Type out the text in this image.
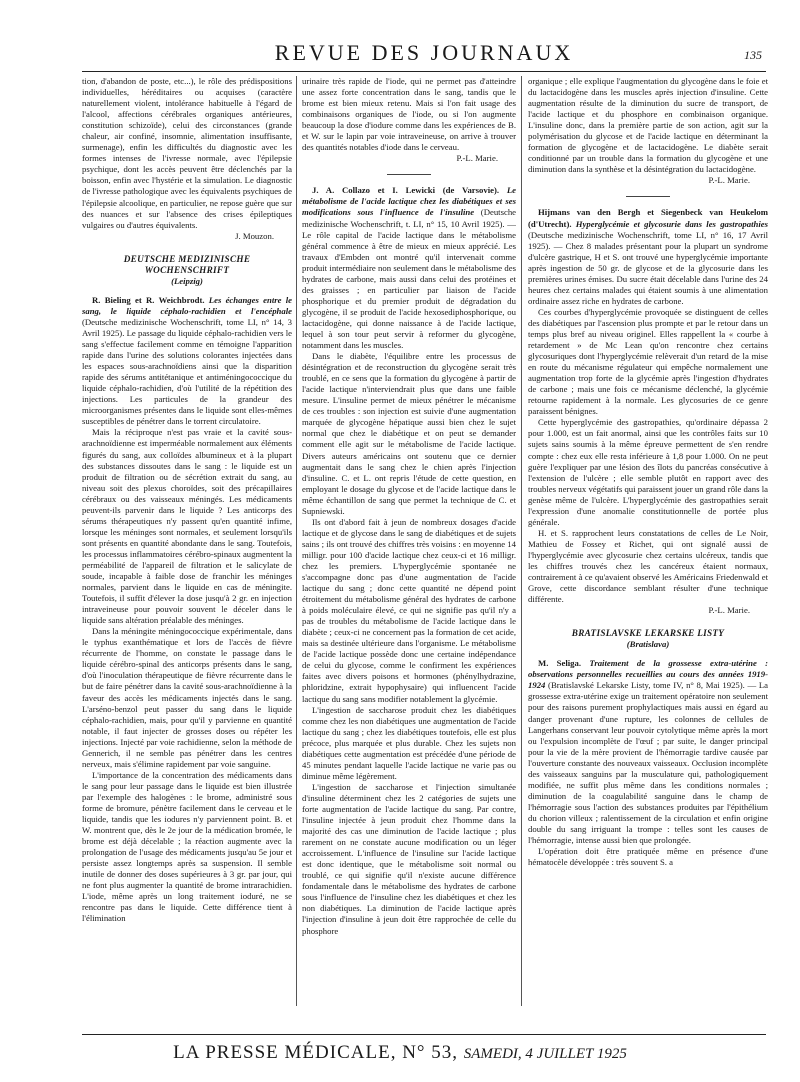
REVUE DES JOURNAUX	135

tion, d'abandon de poste, etc...), le rôle des prédispositions individuelles, héréditaires ou acquises (caractère naturellement violent, intolérance habituelle à l'égard de l'alcool, affections cérébrales organiques antérieures, constitution schizoïde), celui des circonstances (grande chaleur, air confiné, insomnie, alimentation insuffisante, surmenage), enfin les difficultés du diagnostic avec les formes intenses de l'ivresse normale, avec l'épilepsie psychique, dont les accès peuvent être déclenchés par la boisson, enfin avec l'hystérie et la simulation. Le diagnostic de l'ivresse pathologique avec les équivalents psychiques de l'épilepsie alcoolique, en particulier, ne repose guère que sur des nuances et sur l'absence des crises épileptiques vulgaires ou d'autres équivalents.

J. Mouzon.

DEUTSCHE MEDIZINISCHE WOCHENSCHRIFT
(Leipzig)

R. Bieling et R. Weichbrodt. Les échanges entre le sang, le liquide céphalo-rachidien et l'encéphale (Deutsche medizinische Wochenschrift, tome LI, n° 14, 3 Avril 1925). Le passage du liquide céphalo-rachidien vers le sang s'effectue facilement comme en témoigne l'apparition rapide dans l'urine des solutions colorantes injectées dans les espaces sous-arachnoïdiens ainsi que la disparition rapide des sérums antitétanique et antiméningococcique du liquide céphalo-rachidien, d'où l'utilité de la répétition des injections. Les particules de la grandeur des microorganismes présentes dans le liquide sont elles-mêmes susceptibles de pénétrer dans le torrent circulatoire.

Mais la réciproque n'est pas vraie et la cavité sous-arachnoïdienne est imperméable normalement aux éléments figurés du sang, aux colloïdes albumineux et à la plupart des substances dissoutes dans le sang : le liquide est un produit de filtration ou de sécrétion extrait du sang, au niveau soit des plexus choroïdes, soit des précapillaires cérébraux ou des vaisseaux méningés. Les médicaments peuvent-ils parvenir dans le liquide ? Les anticorps des sérums thérapeutiques n'y passent qu'en quantité infime, lorsque les méninges sont normales, et seulement lorsqu'ils sont présents en quantité abondante dans le sang. Toutefois, les processus inflammatoires cérébro-spinaux augmentent la perméabilité de l'appareil de filtration et le salicylate de soude, incapable à faible dose de franchir les méninges normales, parvient dans le liquide en cas de méningite. Toutefois, il suffit d'élever la dose jusqu'à 2 gr. en injection intraveineuse pour pouvoir souvent le déceler dans le liquide sans altération préalable des méninges.

Dans la méningite méningococcique expérimentale, dans le typhus exanthématique et lors de l'accès de fièvre récurrente de l'homme, on constate le passage dans le liquide cérébro-spinal des anticorps présents dans le sang, d'où l'inoculation thérapeutique de fièvre récurrente dans le but de faire pénétrer dans la cavité sous-arachnoïdienne à la faveur des accès les médicaments injectés dans le sang. L'arséno-benzol peut passer du sang dans le liquide céphalo-rachidien, mais, pour qu'il y parvienne en quantité notable, il faut injecter de grosses doses ou répéter les injections. Injecté par voie rachidienne, selon la méthode de Gennerich, il ne semble pas pénétrer dans les centres nerveux, mais s'élimine rapidement par voie sanguine.

L'importance de la concentration des médicaments dans le sang pour leur passage dans le liquide est bien illustrée par l'exemple des halogènes : le brome, administré sous forme de bromure, pénètre facilement dans le cerveau et le liquide, tandis que les iodures n'y parviennent point. B. et W. montrent que, dès le 2e jour de la médication bromée, le brome est déjà décelable ; la réaction augmente avec la prolongation de l'usage des médicaments jusqu'au 5e jour et persiste assez longtemps après sa suspension. Il semble inutile de donner des doses supérieures à 3 gr. par jour, qui ne font plus augmenter la quantité de brome intrarachidien. L'iode, même après un long traitement ioduré, ne se rencontre pas dans le liquide. Cette différence tient à l'élimination

urinaire très rapide de l'iode, qui ne permet pas d'atteindre une assez forte concentration dans le sang, tandis que le brome est bien mieux retenu. Mais si l'on fait usage des combinaisons organiques de l'iode, ou si l'on augmente beaucoup la dose d'iodure comme dans les expériences de B. et W. sur le lapin par voie intraveineuse, on arrive à trouver des quantités notables d'iode dans le cerveau.

P.-L. Marie.

J. A. Collazo et I. Lewicki (de Varsovie). Le métabolisme de l'acide lactique chez les diabétiques et ses modifications sous l'influence de l'insuline (Deutsche medizinische Wochenschrift, t. LI, n° 15, 10 Avril 1925). — Le rôle capital de l'acide lactique dans le métabolisme général commence à être de mieux en mieux apprécié. Les travaux d'Embden ont montré qu'il intervenait comme produit intermédiaire non seulement dans le métabolisme des hydrates de carbone, mais aussi dans celui des protéines et des graisses ; en particulier par liaison de l'acide phosphorique et du premier produit de dégradation du glycogène, il se produit de l'acide hexosediphosphorique, ou lactacidogène, qui donne naissance à de l'acide lactique, lequel à son tour peut servir à reformer du glycogène, notamment dans les muscles.

Dans le diabète, l'équilibre entre les processus de désintégration et de reconstruction du glycogène serait très troublé, en ce sens que la formation du glycogène à partir de l'acide lactique n'interviendrait plus que dans une faible mesure. L'insuline permet de mieux pénétrer le mécanisme de ces troubles : son injection est suivie d'une augmentation marquée de glycogène hépatique aussi bien chez le sujet normal que chez le diabétique et on peut se demander comment elle agit sur le métabolisme de l'acide lactique. Divers auteurs américains ont soutenu que ce dernier augmentait dans le sang chez le chien après l'injection d'insuline. C. et L. ont repris l'étude de cette question, en employant le dosage du glycose et de l'acide lactique dans le même échantillon de sang que permet la technique de C. et Supniewski.

Ils ont d'abord fait à jeun de nombreux dosages d'acide lactique et de glycose dans le sang de diabétiques et de sujets sains ; ils ont trouvé des chiffres très voisins : en moyenne 14 milligr. pour 100 d'acide lactique chez ceux-ci et 16 milligr. chez les premiers. L'hyperglycémie spontanée ne s'accompagne donc pas d'une augmentation de l'acide lactique du sang ; donc cette quantité ne dépend point étroitement du métabolisme général des hydrates de carbone à poids moléculaire élevé, ce qui ne signifie pas qu'il n'y a pas de troubles du métabolisme de l'acide lactique dans le diabète ; ceux-ci ne concernent pas la formation de cet acide, mais sa destinée ultérieure dans l'organisme. Le métabolisme de l'acide lactique possède donc une certaine indépendance de celui du glycose, comme le confirment les expériences faites avec divers poisons et hormones (phénylhydrazine, phloridzine, extrait hypophysaire) qui influencent l'acide lactique du sang sans modifier notablement la glycémie.

L'ingestion de saccharose produit chez les diabétiques comme chez les non diabétiques une augmentation de l'acide lactique du sang ; chez les diabétiques toutefois, elle est plus précoce, plus marquée et plus durable. Chez les sujets non diabétiques cette augmentation est précédée d'une période de 45 minutes pendant laquelle l'acide lactique ne varie pas ou diminue même légèrement.

L'ingestion de saccharose et l'injection simultanée d'insuline déterminent chez les 2 catégories de sujets une forte augmentation de l'acide lactique du sang. Par contre, l'insuline injectée à jeun produit chez l'homme dans la majorité des cas une diminution de l'acide lactique ; plus rarement on ne constate aucune modification ou un léger accroissement. L'influence de l'insuline sur l'acide lactique est donc identique, que le métabolisme soit normal ou troublé, ce qui signifie qu'il n'existe aucune différence fondamentale dans le métabolisme des hydrates de carbone sous l'influence de l'insuline chez les diabétiques et chez les non diabétiques. La diminution de l'acide lactique après l'injection d'insuline à jeun doit être rapprochée de celle du phosphore

organique ; elle explique l'augmentation du glycogène dans le foie et du lactacidogène dans les muscles après injection d'insuline. Cette augmentation résulte de la diminution du sucre de transport, de l'acide lactique et du phosphore en combinaison organique. L'insuline donc, dans la première partie de son action, agit sur la polymérisation du glycose et de l'acide lactique en déterminant la formation de glycogène et de lactacidogène. Le diabète serait conditionné par un trouble dans la formation du glycogène et une diminution dans la synthèse et la désintégration du lactacidogène.

P.-L. Marie.

Hijmans van den Bergh et Siegenbeck van Heukelom (d'Utrecht). Hyperglycémie et glycosurie dans les gastropathies (Deutsche medizinische Wochenschrift, tome LI, n° 16, 17 Avril 1925). — Chez 8 malades présentant pour la plupart un syndrome d'ulcère gastrique, H et S. ont trouvé une hyperglycémie importante après ingestion de 50 gr. de glycose et de la glycosurie dans les premières urines émises. Du sucre était décelable dans l'urine des 24 heures chez certains malades qui étaient soumis à une alimentation ordinaire assez riche en hydrates de carbone.

Ces courbes d'hyperglycémie provoquée se distinguent de celles des diabétiques par l'ascension plus prompte et par le retour dans un temps plus bref au niveau originel. Elles rappellent la « courbe à retardement » de Mc Lean qu'on rencontre chez certains glycosuriques dont l'hyperglycémie relèverait d'un retard de la mise en route du mécanisme régulateur qui empêche normalement une augmentation trop forte de la glycémie après l'ingestion d'hydrates de carbone ; mais une fois ce mécanisme déclenché, la glycémie retourne rapidement à la normale. Les glycosuries de ce genre paraissent bénignes.

Cette hyperglycémie des gastropathies, qu'ordinaire dépassa 2 pour 1.000, est un fait anormal, ainsi que les contrôles faits sur 10 sujets sains soumis à la même épreuve permettent de s'en rendre compte : chez eux elle resta inférieure à 1,8 pour 1.000. On ne peut guère l'expliquer par une lésion des îlots du pancréas consécutive à l'extension de l'ulcère ; elle semble plutôt en rapport avec des troubles nerveux végétatifs qui paraissent jouer un grand rôle dans la genèse même de l'ulcère. L'hyperglycémie des gastropathies serait l'expression d'une anomalie constitutionnelle de portée plus générale.

H. et S. rapprochent leurs constatations de celles de Le Noir, Mathieu de Fossey et Richet, qui ont signalé aussi de l'hyperglycémie avec glycosurie chez certains ulcéreux, tandis que les chiffres trouvés chez les cancéreux étaient normaux, contrairement à ce qu'avaient observé les Américains Friedenwald et Grove, cette discordance semblant résulter d'une technique différente.

P.-L. Marie.

BRATISLAVSKE LEKARSKE LISTY
(Bratislava)

M. Seliga. Traitement de la grossesse extra-utérine : observations personnelles recueillies au cours des années 1919-1924 (Bratislavské Lekarske Listy, tome IV, n° 8, Mai 1925). — La grossesse extra-utérine exige un traitement opératoire non seulement pour des raisons purement prophylactiques mais aussi en égard au danger provenant d'une rupture, les colonnes de cellules de Langerhans conservant leur pouvoir cytolytique même après la mort ou l'expulsion incomplète de l'œuf ; par suite, le danger principal pour la vie de la mère provient de l'hémorragie tardive causée par l'ouverture constante des nouveaux vaisseaux. Occlusion incomplète des vaisseaux sanguins par la musculature qui, pathologiquement modifiée, ne suffit plus même dans les conditions normales ; diminution de la coagulabilité sanguine dans le champ de l'hémorragie sous l'action des substances produites par l'épithélium du chorion villeux ; ralentissement de la circulation et enfin origine double du sang irriguant la trompe : telles sont les causes de l'hémorragie, intense aussi bien que prolongée.

L'opération doit être pratiquée même en présence d'une hématocèle développée : très souvent S. a

LA PRESSE MÉDICALE, N° 53, SAMEDI, 4 JUILLET 1925
